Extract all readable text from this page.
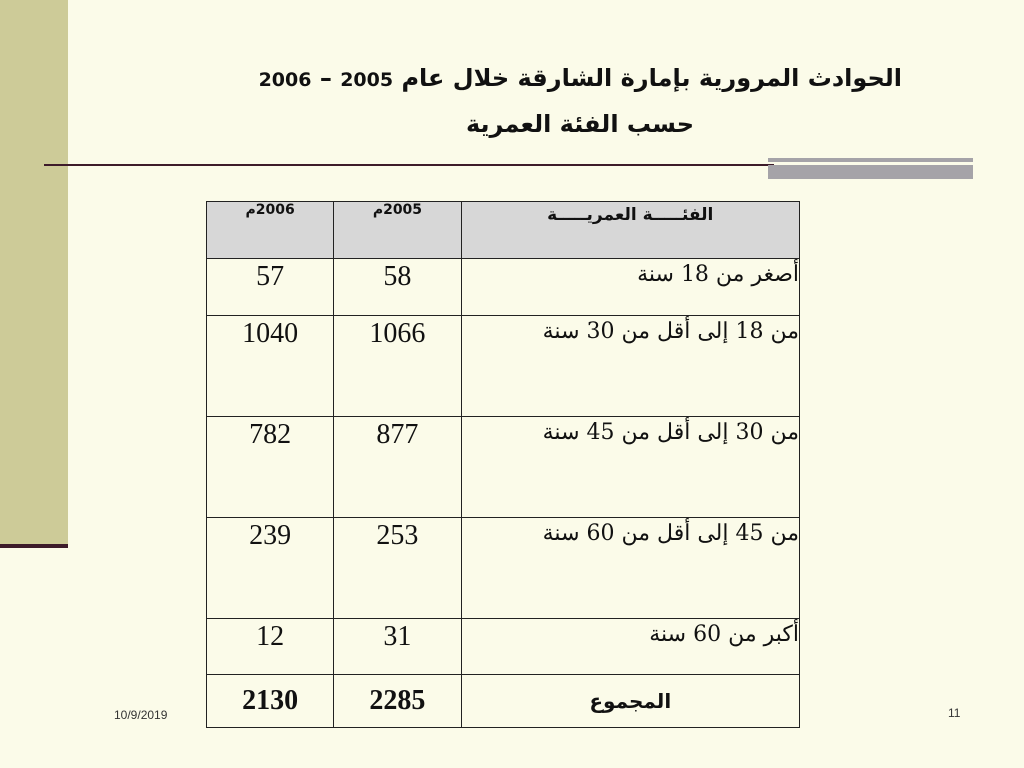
الحوادث المرورية بإمارة الشارقة خلال عام 2005 – 2006
حسب الفئة العمرية
الفئـــــة العمريـــــة	2005م	2006م
أصغر من 18 سنة	58	57
من 18 إلى أقل من 30 سنة	1066	1040
من 30 إلى أقل من 45 سنة	877	782
من 45 إلى أقل من 60 سنة	253	239
أكبر من 60 سنة	31	12
المجموع	2285	2130
10/9/2019	11
